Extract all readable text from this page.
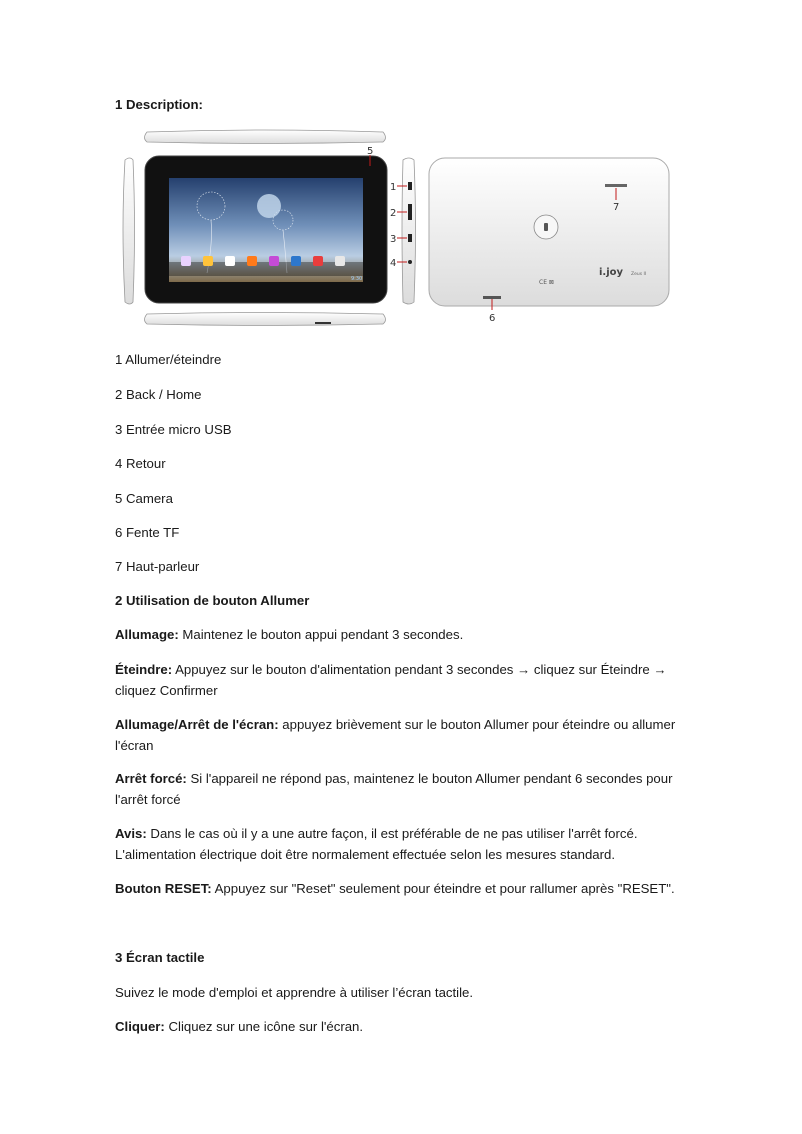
1 Description:

9:30
i.joy Zeus II
CE ⊠
1
2
3
4
5
6
7

1 Allumer/éteindre

2 Back / Home

3 Entrée micro USB

4 Retour

5 Camera

6 Fente TF

7 Haut-parleur

2 Utilisation de bouton Allumer

Allumage: Maintenez le bouton appui pendant 3 secondes.

Éteindre: Appuyez sur le bouton d'alimentation pendant 3 secondes → cliquez sur Éteindre → cliquez Confirmer

Allumage/Arrêt de l'écran: appuyez brièvement sur le bouton Allumer pour éteindre ou allumer l'écran

Arrêt forcé: Si l'appareil ne répond pas, maintenez le bouton Allumer pendant 6 secondes pour l'arrêt forcé

Avis: Dans le cas où il y a une autre façon, il est préférable de ne pas utiliser l'arrêt forcé. L'alimentation électrique doit être normalement effectuée selon les mesures standard.

Bouton RESET: Appuyez sur "Reset" seulement pour éteindre et pour rallumer après "RESET".

3 Écran tactile

Suivez le mode d'emploi et apprendre à utiliser l’écran tactile.

Cliquer: Cliquez sur une icône sur l'écran.
